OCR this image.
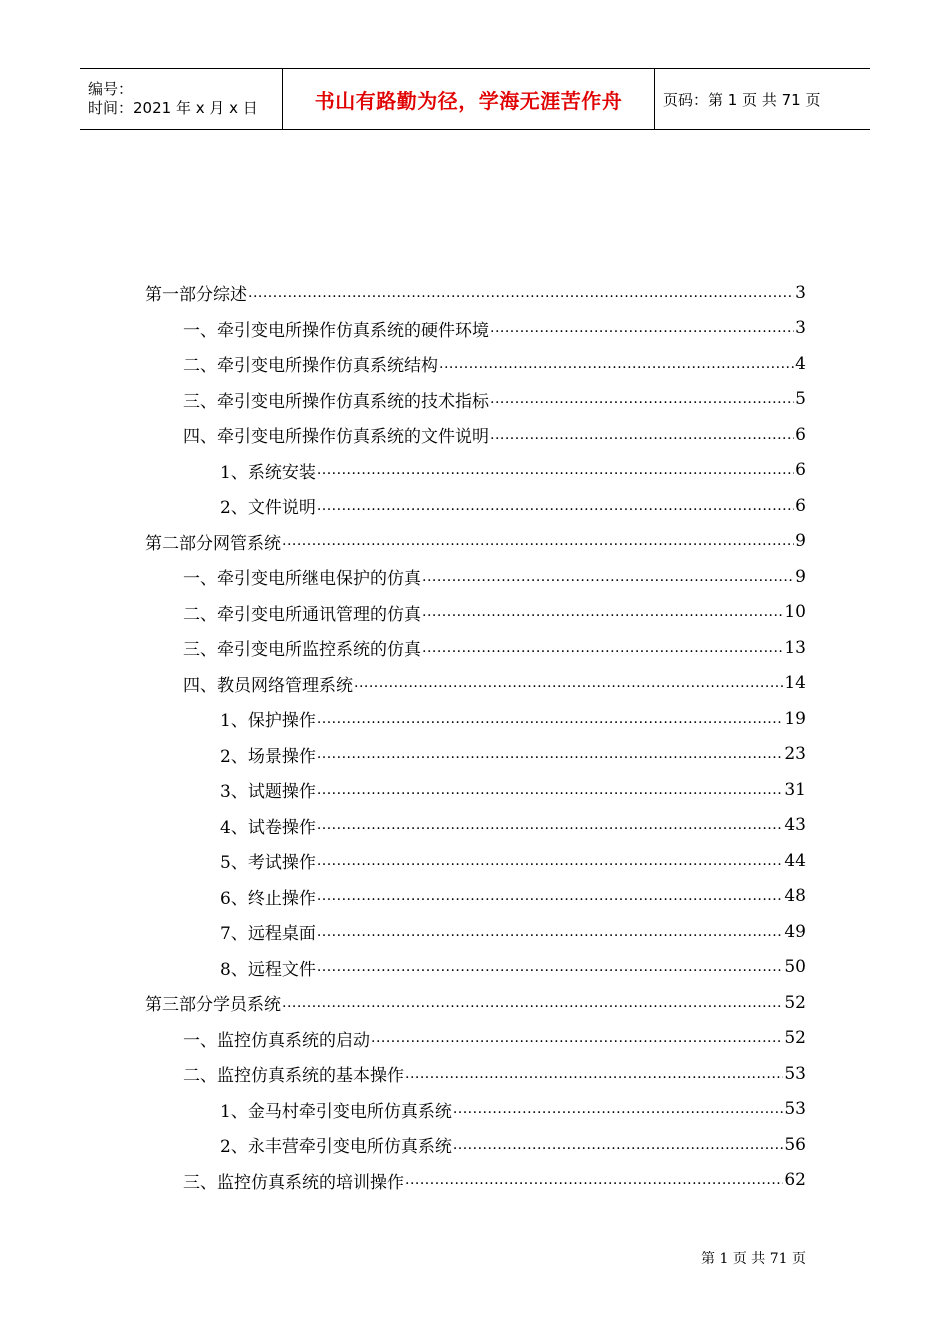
编号：
时间：2021 年 x 月 x 日	书山有路勤为径，学海无涯苦作舟	页码：第 1 页 共 71 页
第一部分综述 .....	3
一、牵引变电所操作仿真系统的硬件环境 .....	3
二、牵引变电所操作仿真系统结构 .....	4
三、牵引变电所操作仿真系统的技术指标 .....	5
四、牵引变电所操作仿真系统的文件说明 .....	6
1、系统安装 .....	6
2、文件说明 .....	6
第二部分网管系统 .....	9
一、牵引变电所继电保护的仿真 .....	9
二、牵引变电所通讯管理的仿真 .....	10
三、牵引变电所监控系统的仿真 .....	13
四、教员网络管理系统 .....	14
1、保护操作 .....	19
2、场景操作 .....	23
3、试题操作 .....	31
4、试卷操作 .....	43
5、考试操作 .....	44
6、终止操作 .....	48
7、远程桌面 .....	49
8、远程文件 .....	50
第三部分学员系统 .....	52
一、监控仿真系统的启动 .....	52
二、监控仿真系统的基本操作 .....	53
1、金马村牵引变电所仿真系统 .....	53
2、永丰营牵引变电所仿真系统 .....	56
三、监控仿真系统的培训操作 .....	62
第 1 页 共 71 页
